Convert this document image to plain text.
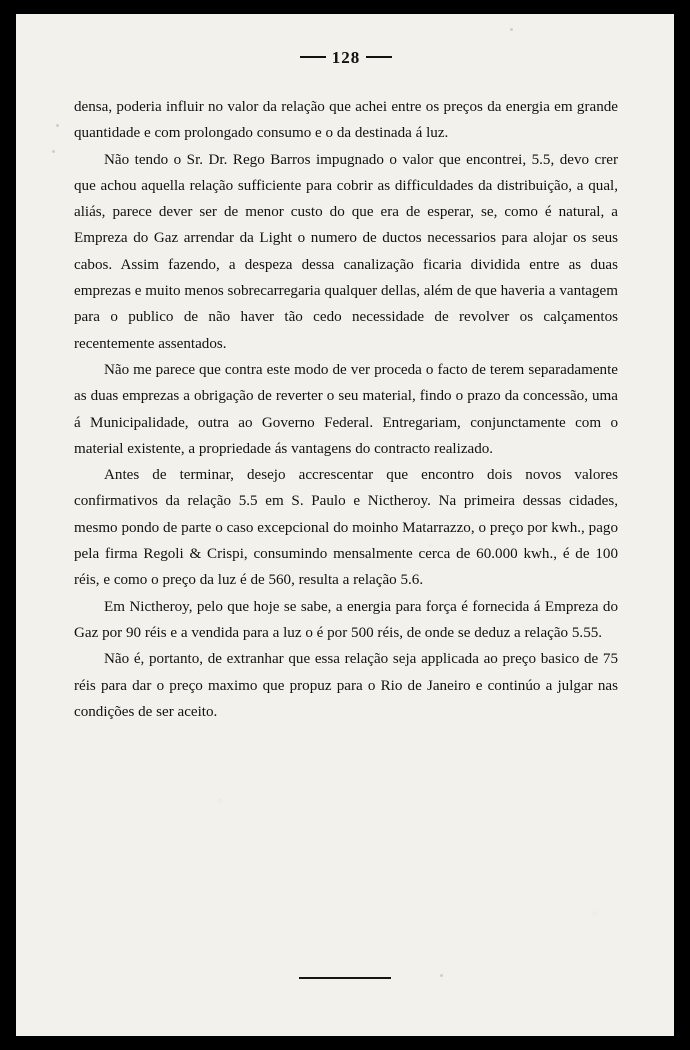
128

densa, poderia influir no valor da relação que achei entre os preços da energia em grande quantidade e com prolongado consumo e o da destinada á luz.

Não tendo o Sr. Dr. Rego Barros impugnado o valor que encontrei, 5.5, devo crer que achou aquella relação sufficiente para cobrir as difficuldades da distribuição, a qual, aliás, parece dever ser de menor custo do que era de esperar, se, como é natural, a Empreza do Gaz arrendar da Light o numero de ductos necessarios para alojar os seus cabos. Assim fazendo, a despeza dessa canalização ficaria dividida entre as duas emprezas e muito menos sobrecarregaria qualquer dellas, além de que haveria a vantagem para o publico de não haver tão cedo necessidade de revolver os calçamentos recentemente assentados.

Não me parece que contra este modo de ver proceda o facto de terem separadamente as duas emprezas a obrigação de reverter o seu material, findo o prazo da concessão, uma á Municipalidade, outra ao Governo Federal. Entregariam, conjunctamente com o material existente, a propriedade ás vantagens do contracto realizado.

Antes de terminar, desejo accrescentar que encontro dois novos valores confirmativos da relação 5.5 em S. Paulo e Nictheroy. Na primeira dessas cidades, mesmo pondo de parte o caso excepcional do moinho Matarrazzo, o preço por kwh., pago pela firma Regoli & Crispi, consumindo mensalmente cerca de 60.000 kwh., é de 100 réis, e como o preço da luz é de 560, resulta a relação 5.6.

Em Nictheroy, pelo que hoje se sabe, a energia para força é fornecida á Empreza do Gaz por 90 réis e a vendida para a luz o é por 500 réis, de onde se deduz a relação 5.55.

Não é, portanto, de extranhar que essa relação seja applicada ao preço basico de 75 réis para dar o preço maximo que propuz para o Rio de Janeiro e continúo a julgar nas condições de ser aceito.
